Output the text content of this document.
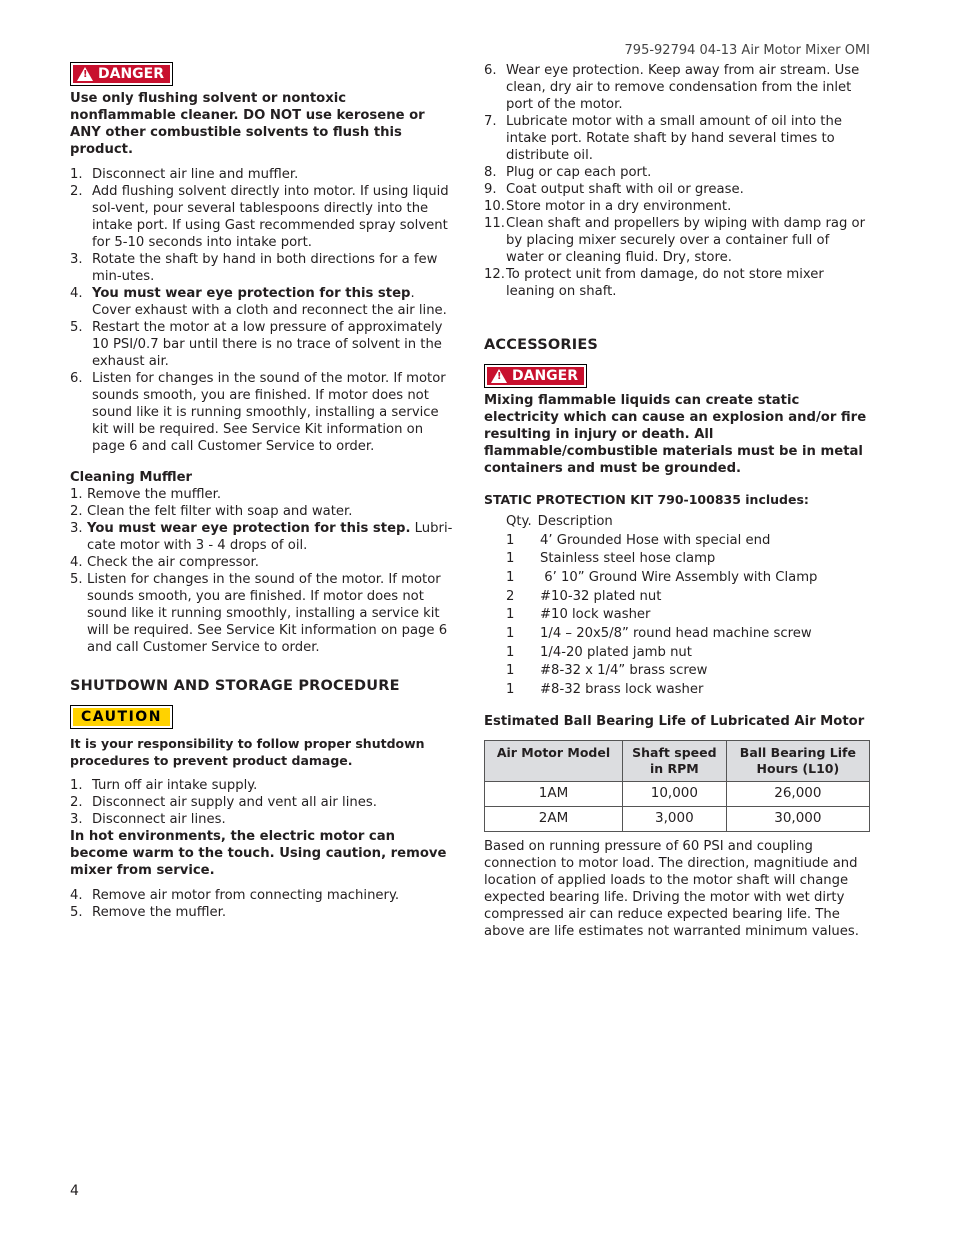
795-92794 04-13 Air Motor Mixer OMI
! DANGER

Use only flushing solvent or nontoxic nonflammable cleaner. DO NOT use kerosene or ANY other combustible solvents to flush this product.

1. Disconnect air line and muffler.
2. Add flushing solvent directly into motor. If using liquid sol-vent, pour several tablespoons directly into the intake port. If using Gast recommended spray solvent for 5-10 seconds into intake port.
3. Rotate the shaft by hand in both directions for a few min-utes.
4. You must wear eye protection for this step. Cover exhaust with a cloth and reconnect the air line.
5. Restart the motor at a low pressure of approximately 10 PSI/0.7 bar until there is no trace of solvent in the exhaust air.
6. Listen for changes in the sound of the motor. If motor sounds smooth, you are finished. If motor does not sound like it is running smoothly, installing a service kit will be required. See Service Kit information on page 6 and call Customer Service to order.

Cleaning Muffler

1. Remove the muffler.
2. Clean the felt filter with soap and water.
3. You must wear eye protection for this step. Lubri-cate motor with 3 - 4 drops of oil.
4. Check the air compressor.
5. Listen for changes in the sound of the motor. If motor sounds smooth, you are finished. If motor does not sound like it running smoothly, installing a service kit will be required. See Service Kit information on page 6 and call Customer Service to order.
SHUTDOWN AND STORAGE PROCEDURE
CAUTION

It is your responsibility to follow proper shutdown procedures to prevent product damage.

1. Turn off air intake supply.
2. Disconnect air supply and vent all air lines.
3. Disconnect air lines.

In hot environments, the electric motor can become warm to the touch. Using caution, remove mixer from service.

4. Remove air motor from connecting machinery.
5. Remove the muffler.
6. Wear eye protection. Keep away from air stream. Use clean, dry air to remove condensation from the inlet port of the motor.
7. Lubricate motor with a small amount of oil into the intake port. Rotate shaft by hand several times to distribute oil.
8. Plug or cap each port.
9. Coat output shaft with oil or grease.
10. Store motor in a dry environment.
11. Clean shaft and propellers by wiping with damp rag or by placing mixer securely over a container full of water or cleaning fluid. Dry, store.
12. To protect unit from damage, do not store mixer leaning on shaft.
ACCESSORIES
! DANGER

Mixing flammable liquids can create static electricity which can cause an explosion and/or fire resulting in injury or death. All flammable/combustible materials must be in metal containers and must be grounded.

STATIC PROTECTION KIT 790-100835 includes:

Qty. Description
1	4’ Grounded Hose with special end
1	Stainless steel hose clamp
1	6’ 10” Ground Wire Assembly with Clamp
2	#10-32 plated nut
1	#10 lock washer
1	1/4 – 20x5/8” round head machine screw
1	1/4-20 plated jamb nut
1	#8-32 x 1/4” brass screw
1	#8-32 brass lock washer

Estimated Ball Bearing Life of Lubricated Air Motor

Air Motor Model	Shaft speed in RPM	Ball Bearing Life Hours (L10)
1AM	10,000	26,000
2AM	3,000	30,000

Based on running pressure of 60 PSI and coupling connection to motor load. The direction, magnitiude and location of applied loads to the motor shaft will change expected bearing life. Driving the motor with wet dirty compressed air can reduce expected bearing life. The above are life estimates not warranted minimum values.

4
